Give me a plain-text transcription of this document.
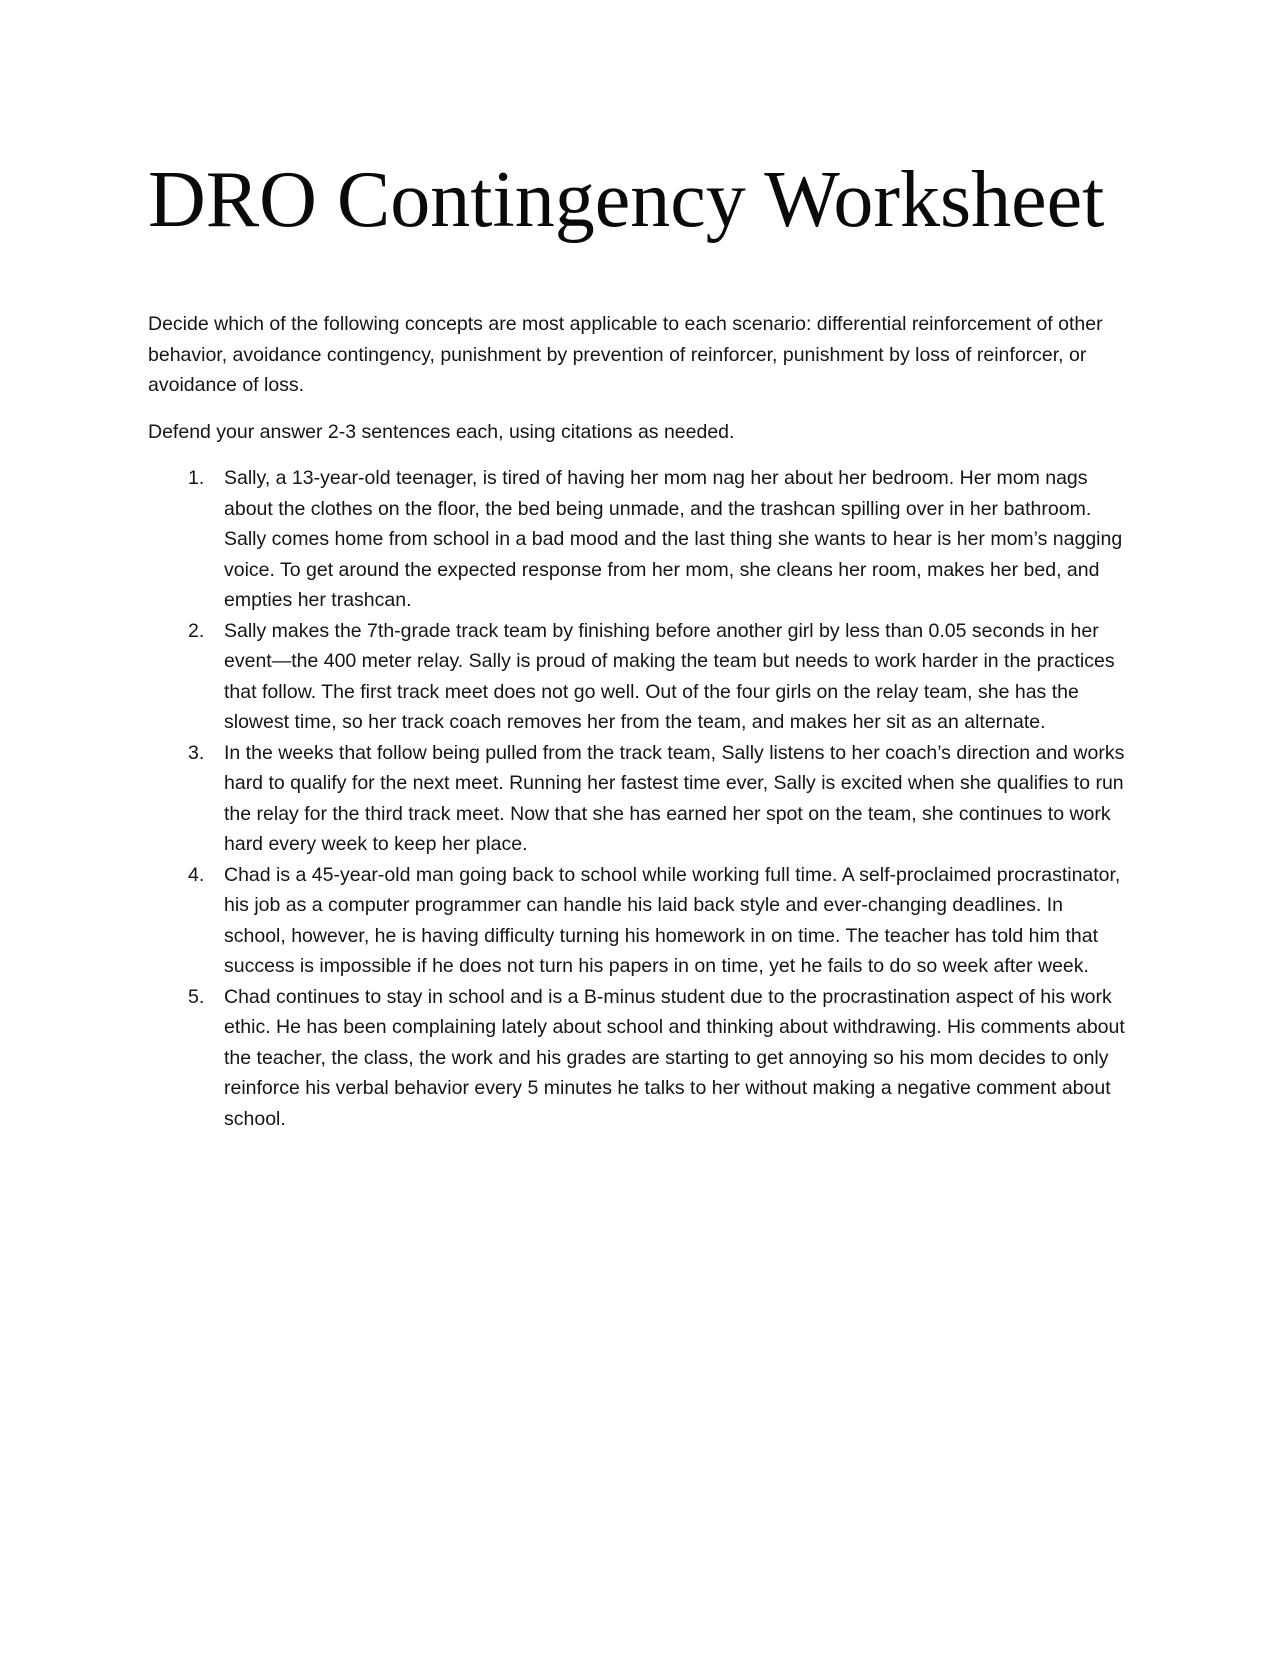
DRO Contingency Worksheet

Decide which of the following concepts are most applicable to each scenario: differential reinforcement of other behavior, avoidance contingency, punishment by prevention of reinforcer, punishment by loss of reinforcer, or avoidance of loss.

Defend your answer 2-3 sentences each, using citations as needed.

1.	Sally, a 13-year-old teenager, is tired of having her mom nag her about her bedroom. Her mom nags about the clothes on the floor, the bed being unmade, and the trashcan spilling over in her bathroom. Sally comes home from school in a bad mood and the last thing she wants to hear is her mom’s nagging voice. To get around the expected response from her mom, she cleans her room, makes her bed, and empties her trashcan.
2.	Sally makes the 7th-grade track team by finishing before another girl by less than 0.05 seconds in her event—the 400 meter relay. Sally is proud of making the team but needs to work harder in the practices that follow. The first track meet does not go well. Out of the four girls on the relay team, she has the slowest time, so her track coach removes her from the team, and makes her sit as an alternate.
3.	In the weeks that follow being pulled from the track team, Sally listens to her coach’s direction and works hard to qualify for the next meet. Running her fastest time ever, Sally is excited when she qualifies to run the relay for the third track meet. Now that she has earned her spot on the team, she continues to work hard every week to keep her place.
4.	Chad is a 45-year-old man going back to school while working full time. A self-proclaimed procrastinator, his job as a computer programmer can handle his laid back style and ever-changing deadlines. In school, however, he is having difficulty turning his homework in on time. The teacher has told him that success is impossible if he does not turn his papers in on time, yet he fails to do so week after week.
5.	Chad continues to stay in school and is a B-minus student due to the procrastination aspect of his work ethic. He has been complaining lately about school and thinking about withdrawing. His comments about the teacher, the class, the work and his grades are starting to get annoying so his mom decides to only reinforce his verbal behavior every 5 minutes he talks to her without making a negative comment about school.
